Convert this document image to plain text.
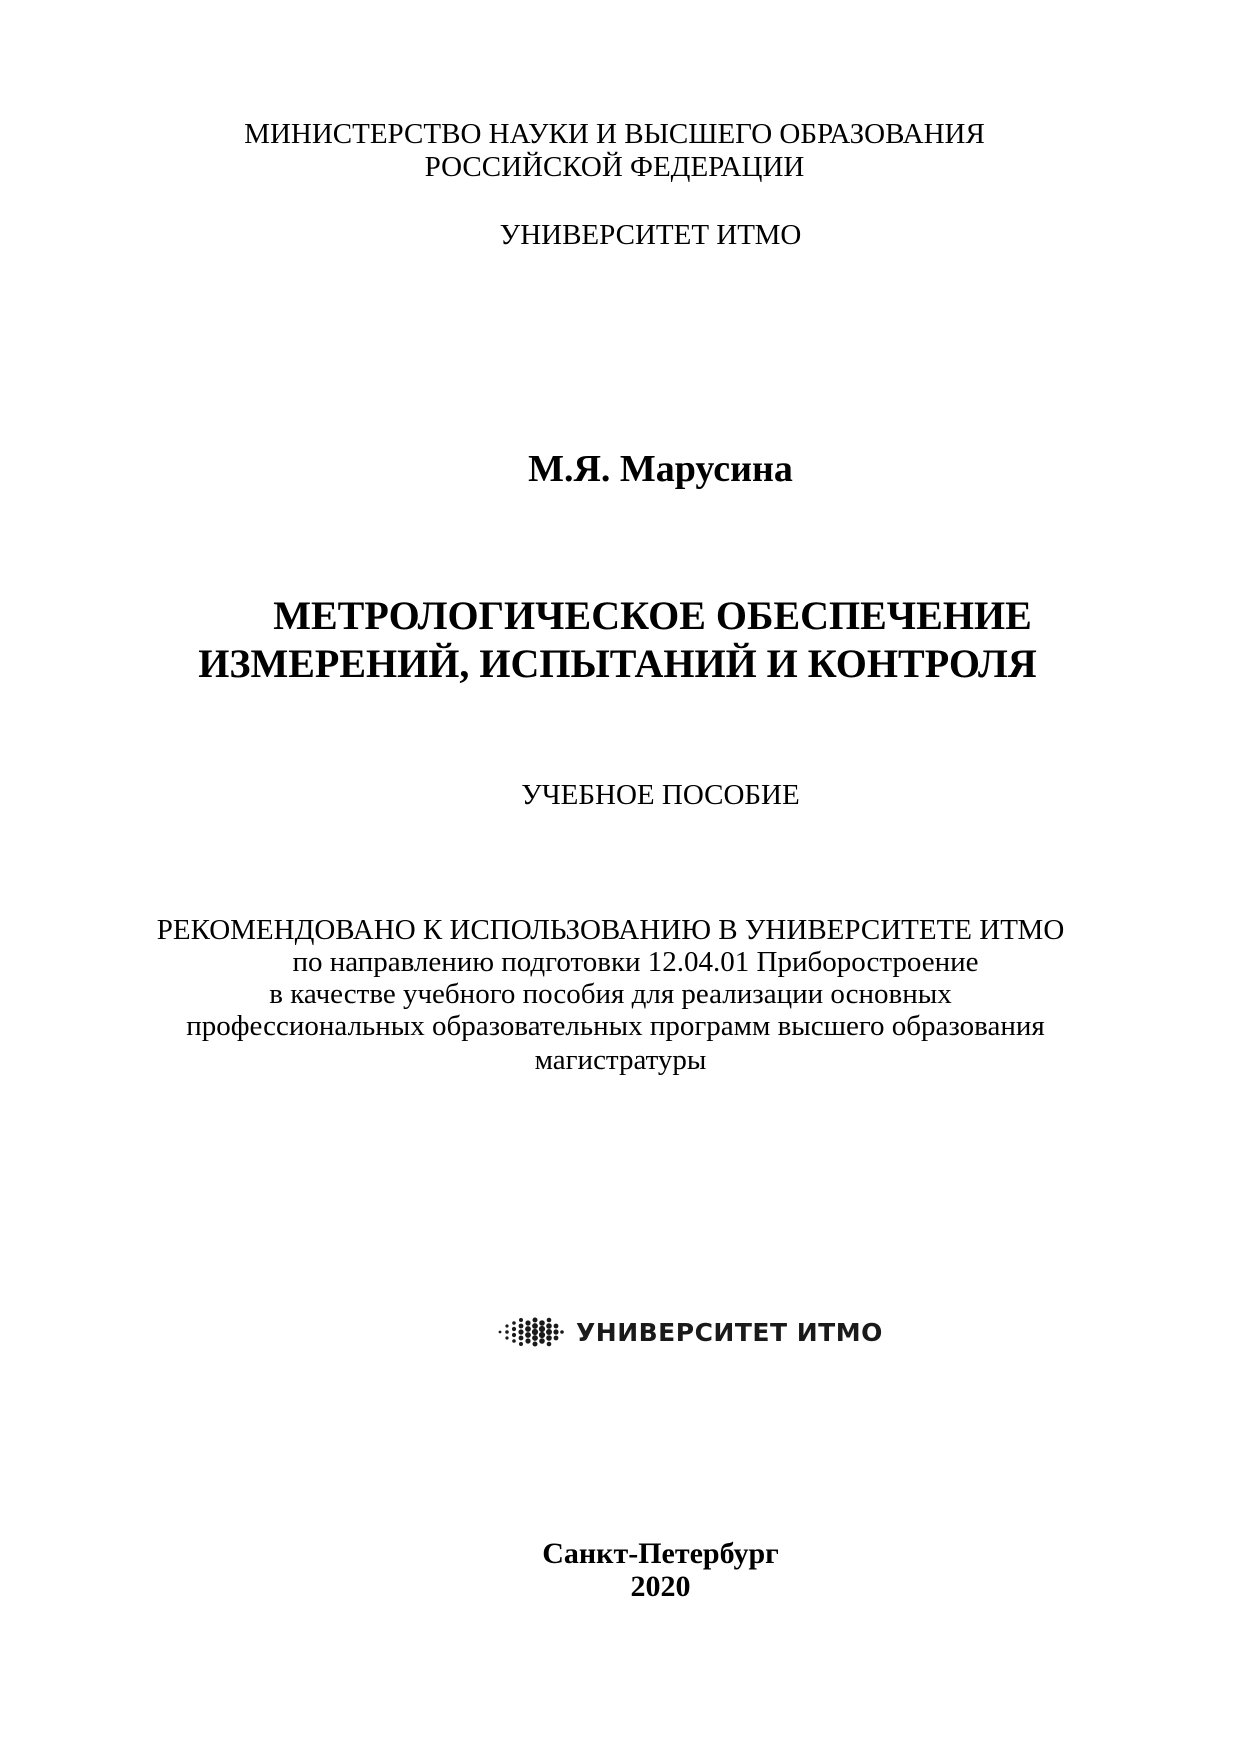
МИНИСТЕРСТВО НАУКИ И ВЫСШЕГО ОБРАЗОВАНИЯ
РОССИЙСКОЙ ФЕДЕРАЦИИ
УНИВЕРСИТЕТ ИТМО
М.Я. Марусина
МЕТРОЛОГИЧЕСКОЕ ОБЕСПЕЧЕНИЕ
ИЗМЕРЕНИЙ, ИСПЫТАНИЙ И КОНТРОЛЯ
УЧЕБНОЕ ПОСОБИЕ
РЕКОМЕНДОВАНО К ИСПОЛЬЗОВАНИЮ В УНИВЕРСИТЕТЕ ИТМО
по направлению подготовки 12.04.01 Приборостроение
в качестве учебного пособия для реализации основных
профессиональных образовательных программ высшего образования
магистратуры
УНИВЕРСИТЕТ ИТМО
Санкт-Петербург
2020
